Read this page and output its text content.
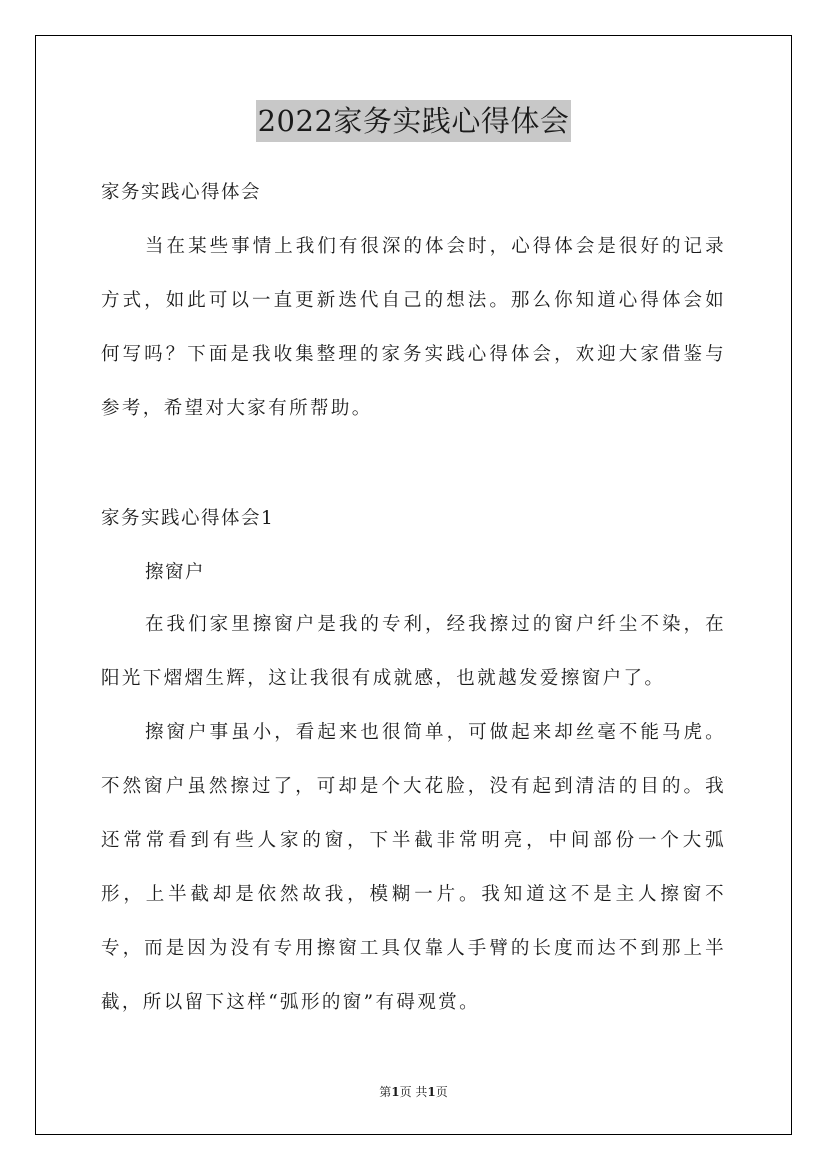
2022家务实践心得体会
家务实践心得体会
当在某些事情上我们有很深的体会时，心得体会是很好的记录方式，如此可以一直更新迭代自己的想法。那么你知道心得体会如何写吗？下面是我收集整理的家务实践心得体会，欢迎大家借鉴与参考，希望对大家有所帮助。
家务实践心得体会1
擦窗户
在我们家里擦窗户是我的专利，经我擦过的窗户纤尘不染，在阳光下熠熠生辉，这让我很有成就感，也就越发爱擦窗户了。
擦窗户事虽小，看起来也很简单，可做起来却丝毫不能马虎。不然窗户虽然擦过了，可却是个大花脸，没有起到清洁的目的。我还常常看到有些人家的窗，下半截非常明亮，中间部份一个大弧形，上半截却是依然故我，模糊一片。我知道这不是主人擦窗不专，而是因为没有专用擦窗工具仅靠人手臂的长度而达不到那上半截，所以留下这样“弧形的窗”有碍观赏。
第1页 共1页
